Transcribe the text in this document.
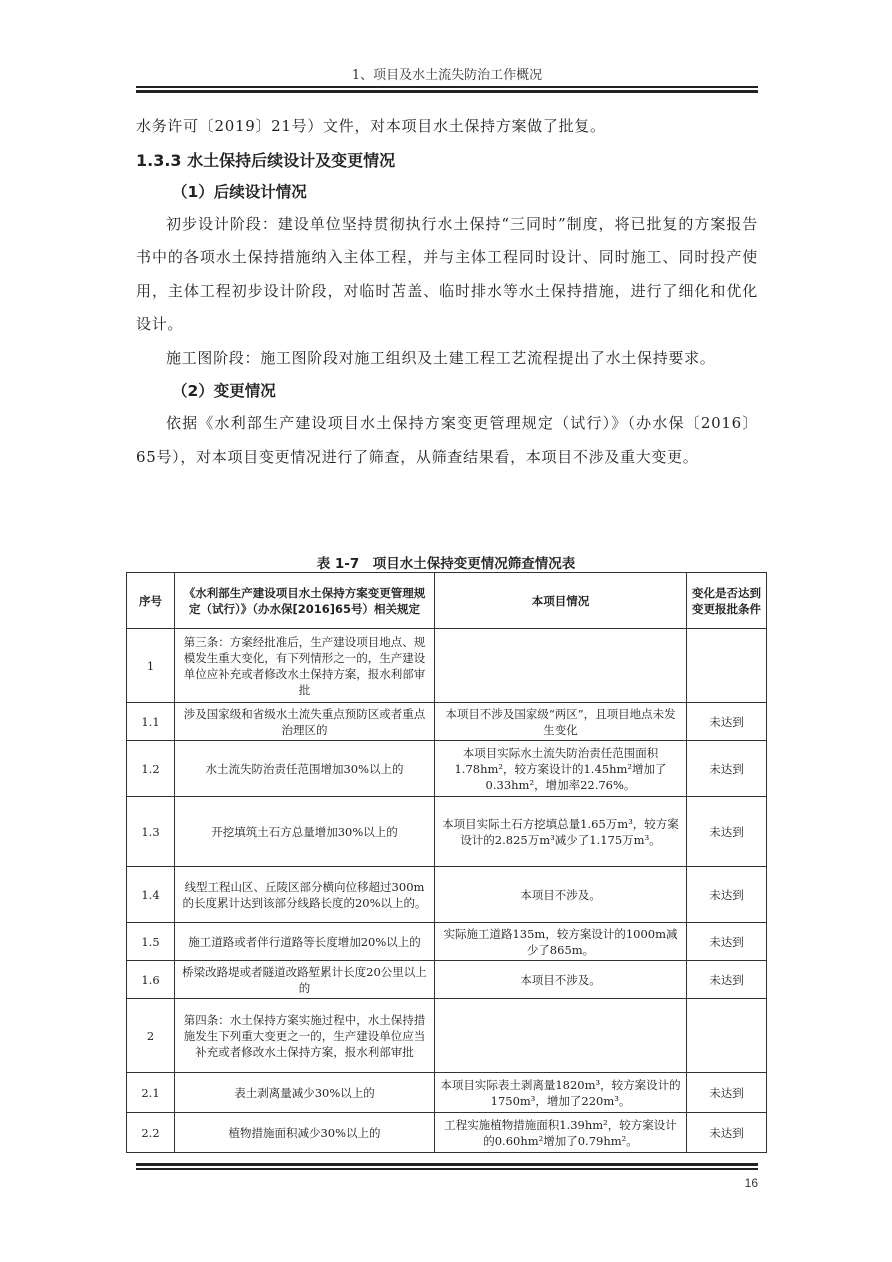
1、项目及水土流失防治工作概况

水务许可〔2019〕21号）文件，对本项目水土保持方案做了批复。

1.3.3 水土保持后续设计及变更情况
（1）后续设计情况

初步设计阶段：建设单位坚持贯彻执行水土保持“三同时”制度，将已批复的方案报告书中的各项水土保持措施纳入主体工程，并与主体工程同时设计、同时施工、同时投产使用，主体工程初步设计阶段，对临时苫盖、临时排水等水土保持措施，进行了细化和优化设计。

施工图阶段：施工图阶段对施工组织及土建工程工艺流程提出了水土保持要求。

（2）变更情况

依据《水利部生产建设项目水土保持方案变更管理规定（试行）》（办水保〔2016〕65号），对本项目变更情况进行了筛查，从筛查结果看，本项目不涉及重大变更。

表 1-7　项目水土保持变更情况筛查情况表
序号	《水利部生产建设项目水土保持方案变更管理规定（试行）》（办水保[2016]65号）相关规定	本项目情况	变化是否达到变更报批条件
1	第三条：方案经批准后，生产建设项目地点、规模发生重大变化，有下列情形之一的，生产建设单位应补充或者修改水土保持方案，报水利部审批		
1.1	涉及国家级和省级水土流失重点预防区或者重点治理区的	本项目不涉及国家级“两区”，且项目地点未发生变化	未达到
1.2	水土流失防治责任范围增加30%以上的	本项目实际水土流失防治责任范围面积1.78hm²，较方案设计的1.45hm²增加了0.33hm²，增加率22.76%。	未达到
1.3	开挖填筑土石方总量增加30%以上的	本项目实际土石方挖填总量1.65万m³，较方案设计的2.825万m³减少了1.175万m³。	未达到
1.4	线型工程山区、丘陵区部分横向位移超过300m的长度累计达到该部分线路长度的20%以上的。	本项目不涉及。	未达到
1.5	施工道路或者伴行道路等长度增加20%以上的	实际施工道路135m，较方案设计的1000m减少了865m。	未达到
1.6	桥梁改路堤或者隧道改路堑累计长度20公里以上的	本项目不涉及。	未达到
2	第四条：水土保持方案实施过程中，水土保持措施发生下列重大变更之一的，生产建设单位应当补充或者修改水土保持方案，报水利部审批		
2.1	表土剥离量减少30%以上的	本项目实际表土剥离量1820m³，较方案设计的1750m³，增加了220m³。	未达到
2.2	植物措施面积减少30%以上的	工程实施植物措施面积1.39hm²，较方案设计的0.60hm²增加了0.79hm²。	未达到
16
